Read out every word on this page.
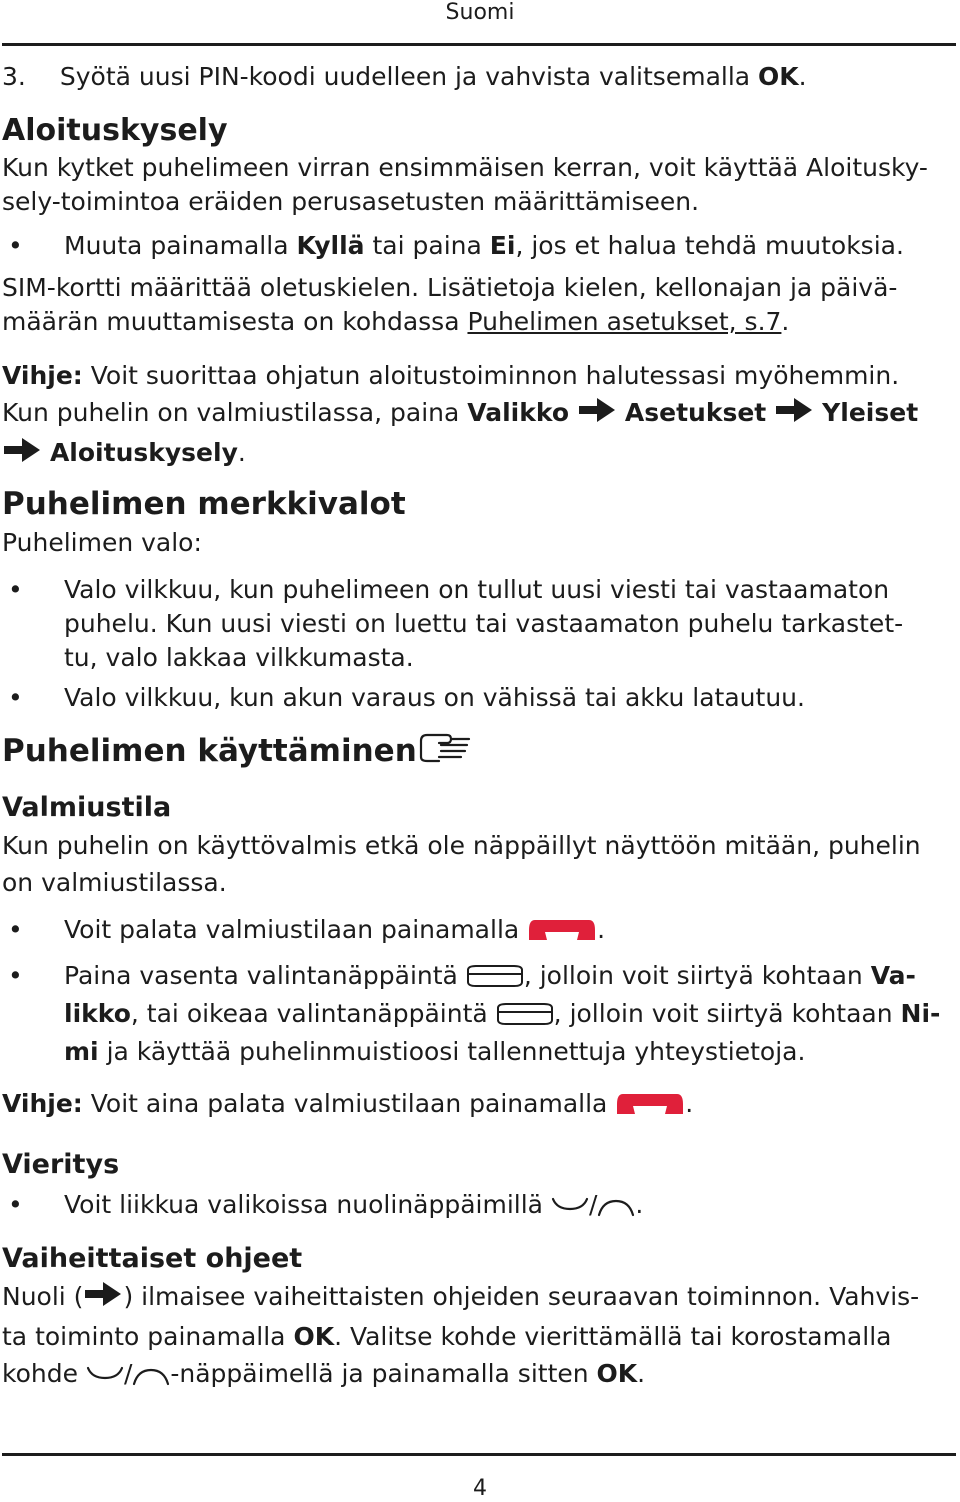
Suomi

3. Syötä uusi PIN-koodi uudelleen ja vahvista valitsemalla OK.

Aloituskysely

Kun kytket puhelimeen virran ensimmäisen kerran, voit käyttää Aloitusky-
sely-toimintoa eräiden perusasetusten määrittämiseen.

• Muuta painamalla Kyllä tai paina Ei, jos et halua tehdä muutoksia.

SIM-kortti määrittää oletuskielen. Lisätietoja kielen, kellonajan ja päivä-
määrän muuttamisesta on kohdassa Puhelimen asetukset, s.7.

Vihje: Voit suorittaa ohjatun aloitustoiminnon halutessasi myöhemmin.
Kun puhelin on valmiustilassa, paina Valikko Asetukset Yleiset
Aloituskysely.

Puhelimen merkkivalot

Puhelimen valo:

• Valo vilkkuu, kun puhelimeen on tullut uusi viesti tai vastaamaton
puhelu. Kun uusi viesti on luettu tai vastaamaton puhelu tarkastet-
tu, valo lakkaa vilkkumasta.
• Valo vilkkuu, kun akun varaus on vähissä tai akku latautuu.
Puhelimen käyttäminen
Valmiustila

Kun puhelin on käyttövalmis etkä ole näppäillyt näyttöön mitään, puhelin
on valmiustilassa.

• Voit palata valmiustilaan painamalla	.
• Paina vasenta valintanäppäintä , jolloin voit siirtyä kohtaan Va-
likko, tai oikeaa valintanäppäintä , jolloin voit siirtyä kohtaan Ni-
mi ja käyttää puhelinmuistioosi tallennettuja yhteystietoja.

Vihje: Voit aina palata valmiustilaan painamalla	.

Vieritys
• Voit liikkua valikoissa nuolinäppäimillä / .
Vaiheittaiset ohjeet

Nuoli ( ) ilmaisee vaiheittaisten ohjeiden seuraavan toiminnon. Vahvis-
ta toiminto painamalla OK. Valitse kohde vierittämällä tai korostamalla
kohde / -näppäimellä ja painamalla sitten OK.

4
